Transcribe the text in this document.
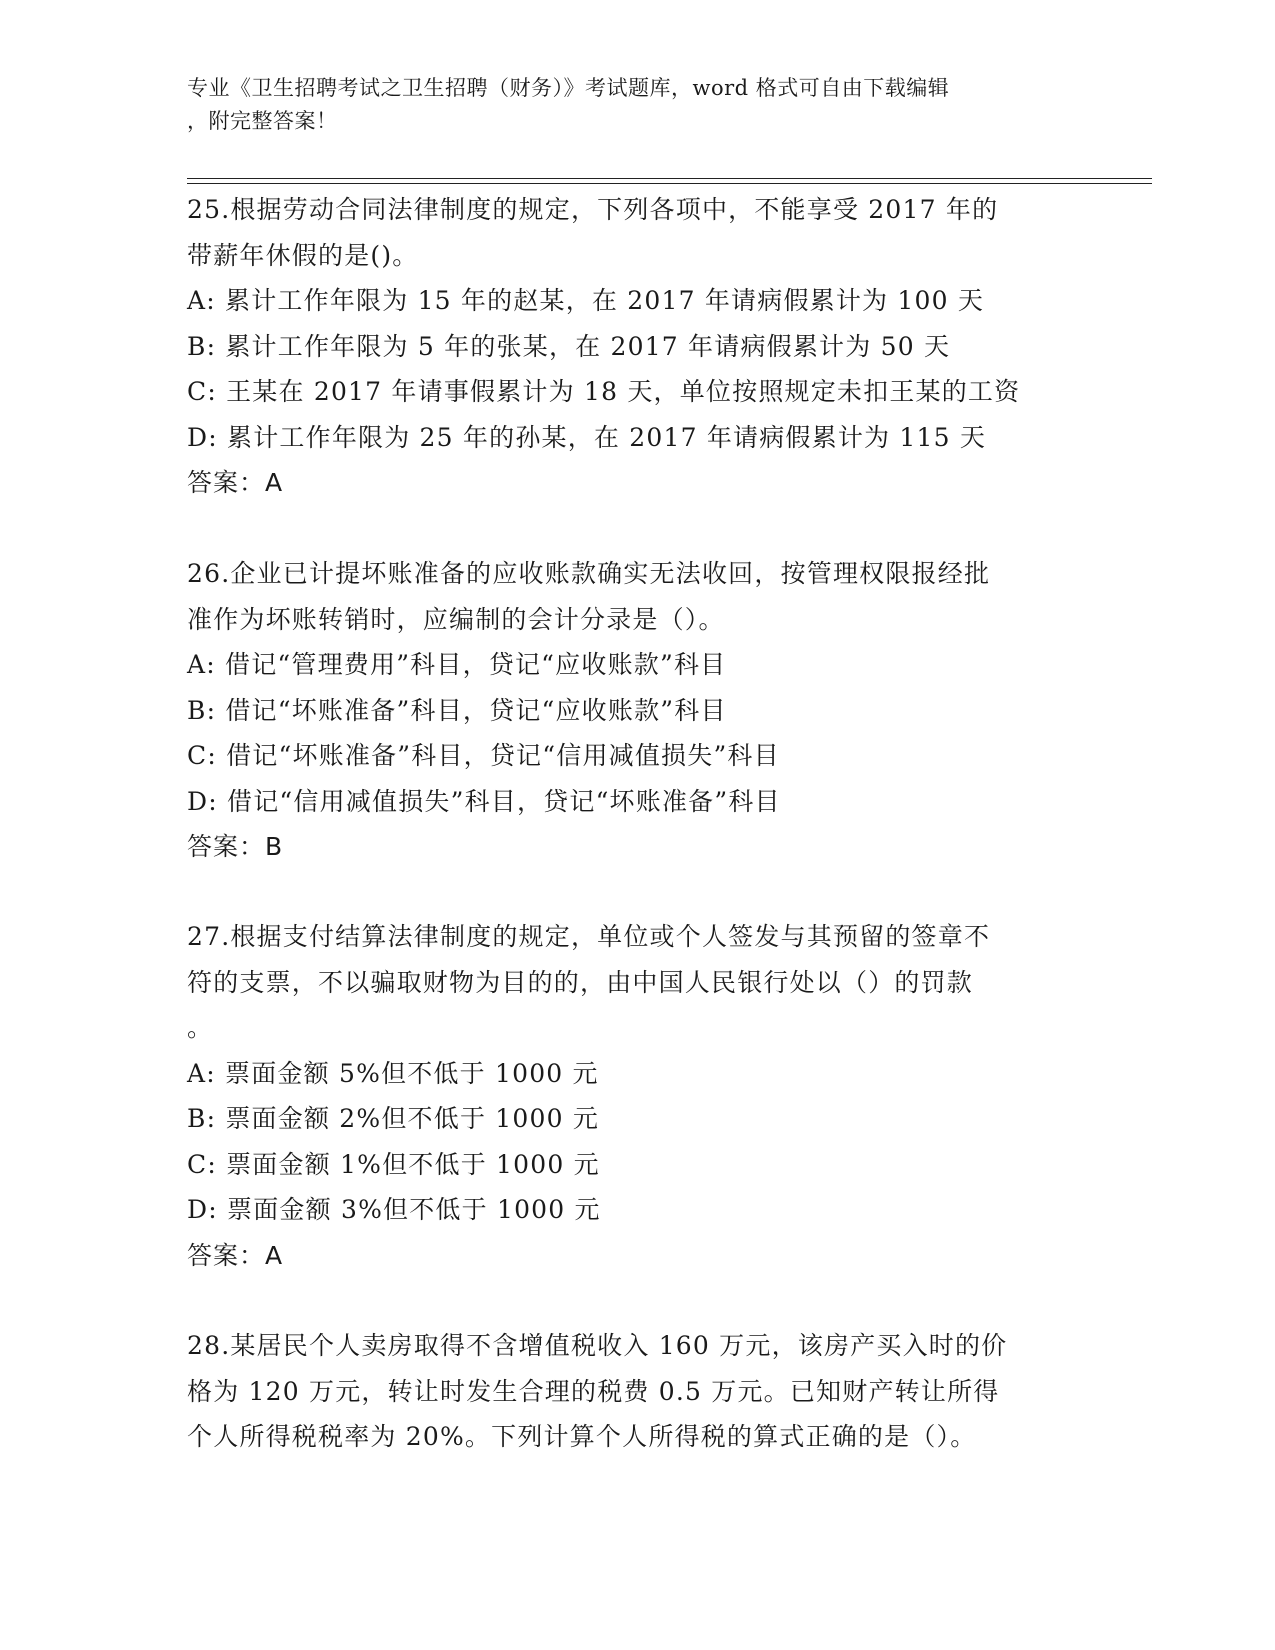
专业《卫生招聘考试之卫生招聘（财务）》考试题库，word 格式可自由下载编辑
，附完整答案！
25.根据劳动合同法律制度的规定，下列各项中，不能享受 2017 年的
带薪年休假的是()。
A: 累计工作年限为 15 年的赵某，在 2017 年请病假累计为 100 天
B: 累计工作年限为 5 年的张某，在 2017 年请病假累计为 50 天
C: 王某在 2017 年请事假累计为 18 天，单位按照规定未扣王某的工资
D: 累计工作年限为 25 年的孙某，在 2017 年请病假累计为 115 天
答案：A
26.企业已计提坏账准备的应收账款确实无法收回，按管理权限报经批
准作为坏账转销时，应编制的会计分录是（）。
A: 借记“管理费用”科目，贷记“应收账款”科目
B: 借记“坏账准备”科目，贷记“应收账款”科目
C: 借记“坏账准备”科目，贷记“信用减值损失”科目
D: 借记“信用减值损失”科目，贷记“坏账准备”科目
答案：B
27.根据支付结算法律制度的规定，单位或个人签发与其预留的签章不
符的支票，不以骗取财物为目的的，由中国人民银行处以（）的罚款
。
A: 票面金额 5%但不低于 1000 元
B: 票面金额 2%但不低于 1000 元
C: 票面金额 1%但不低于 1000 元
D: 票面金额 3%但不低于 1000 元
答案：A
28.某居民个人卖房取得不含增值税收入 160 万元，该房产买入时的价
格为 120 万元，转让时发生合理的税费 0.5 万元。已知财产转让所得
个人所得税税率为 20%。下列计算个人所得税的算式正确的是（）。
